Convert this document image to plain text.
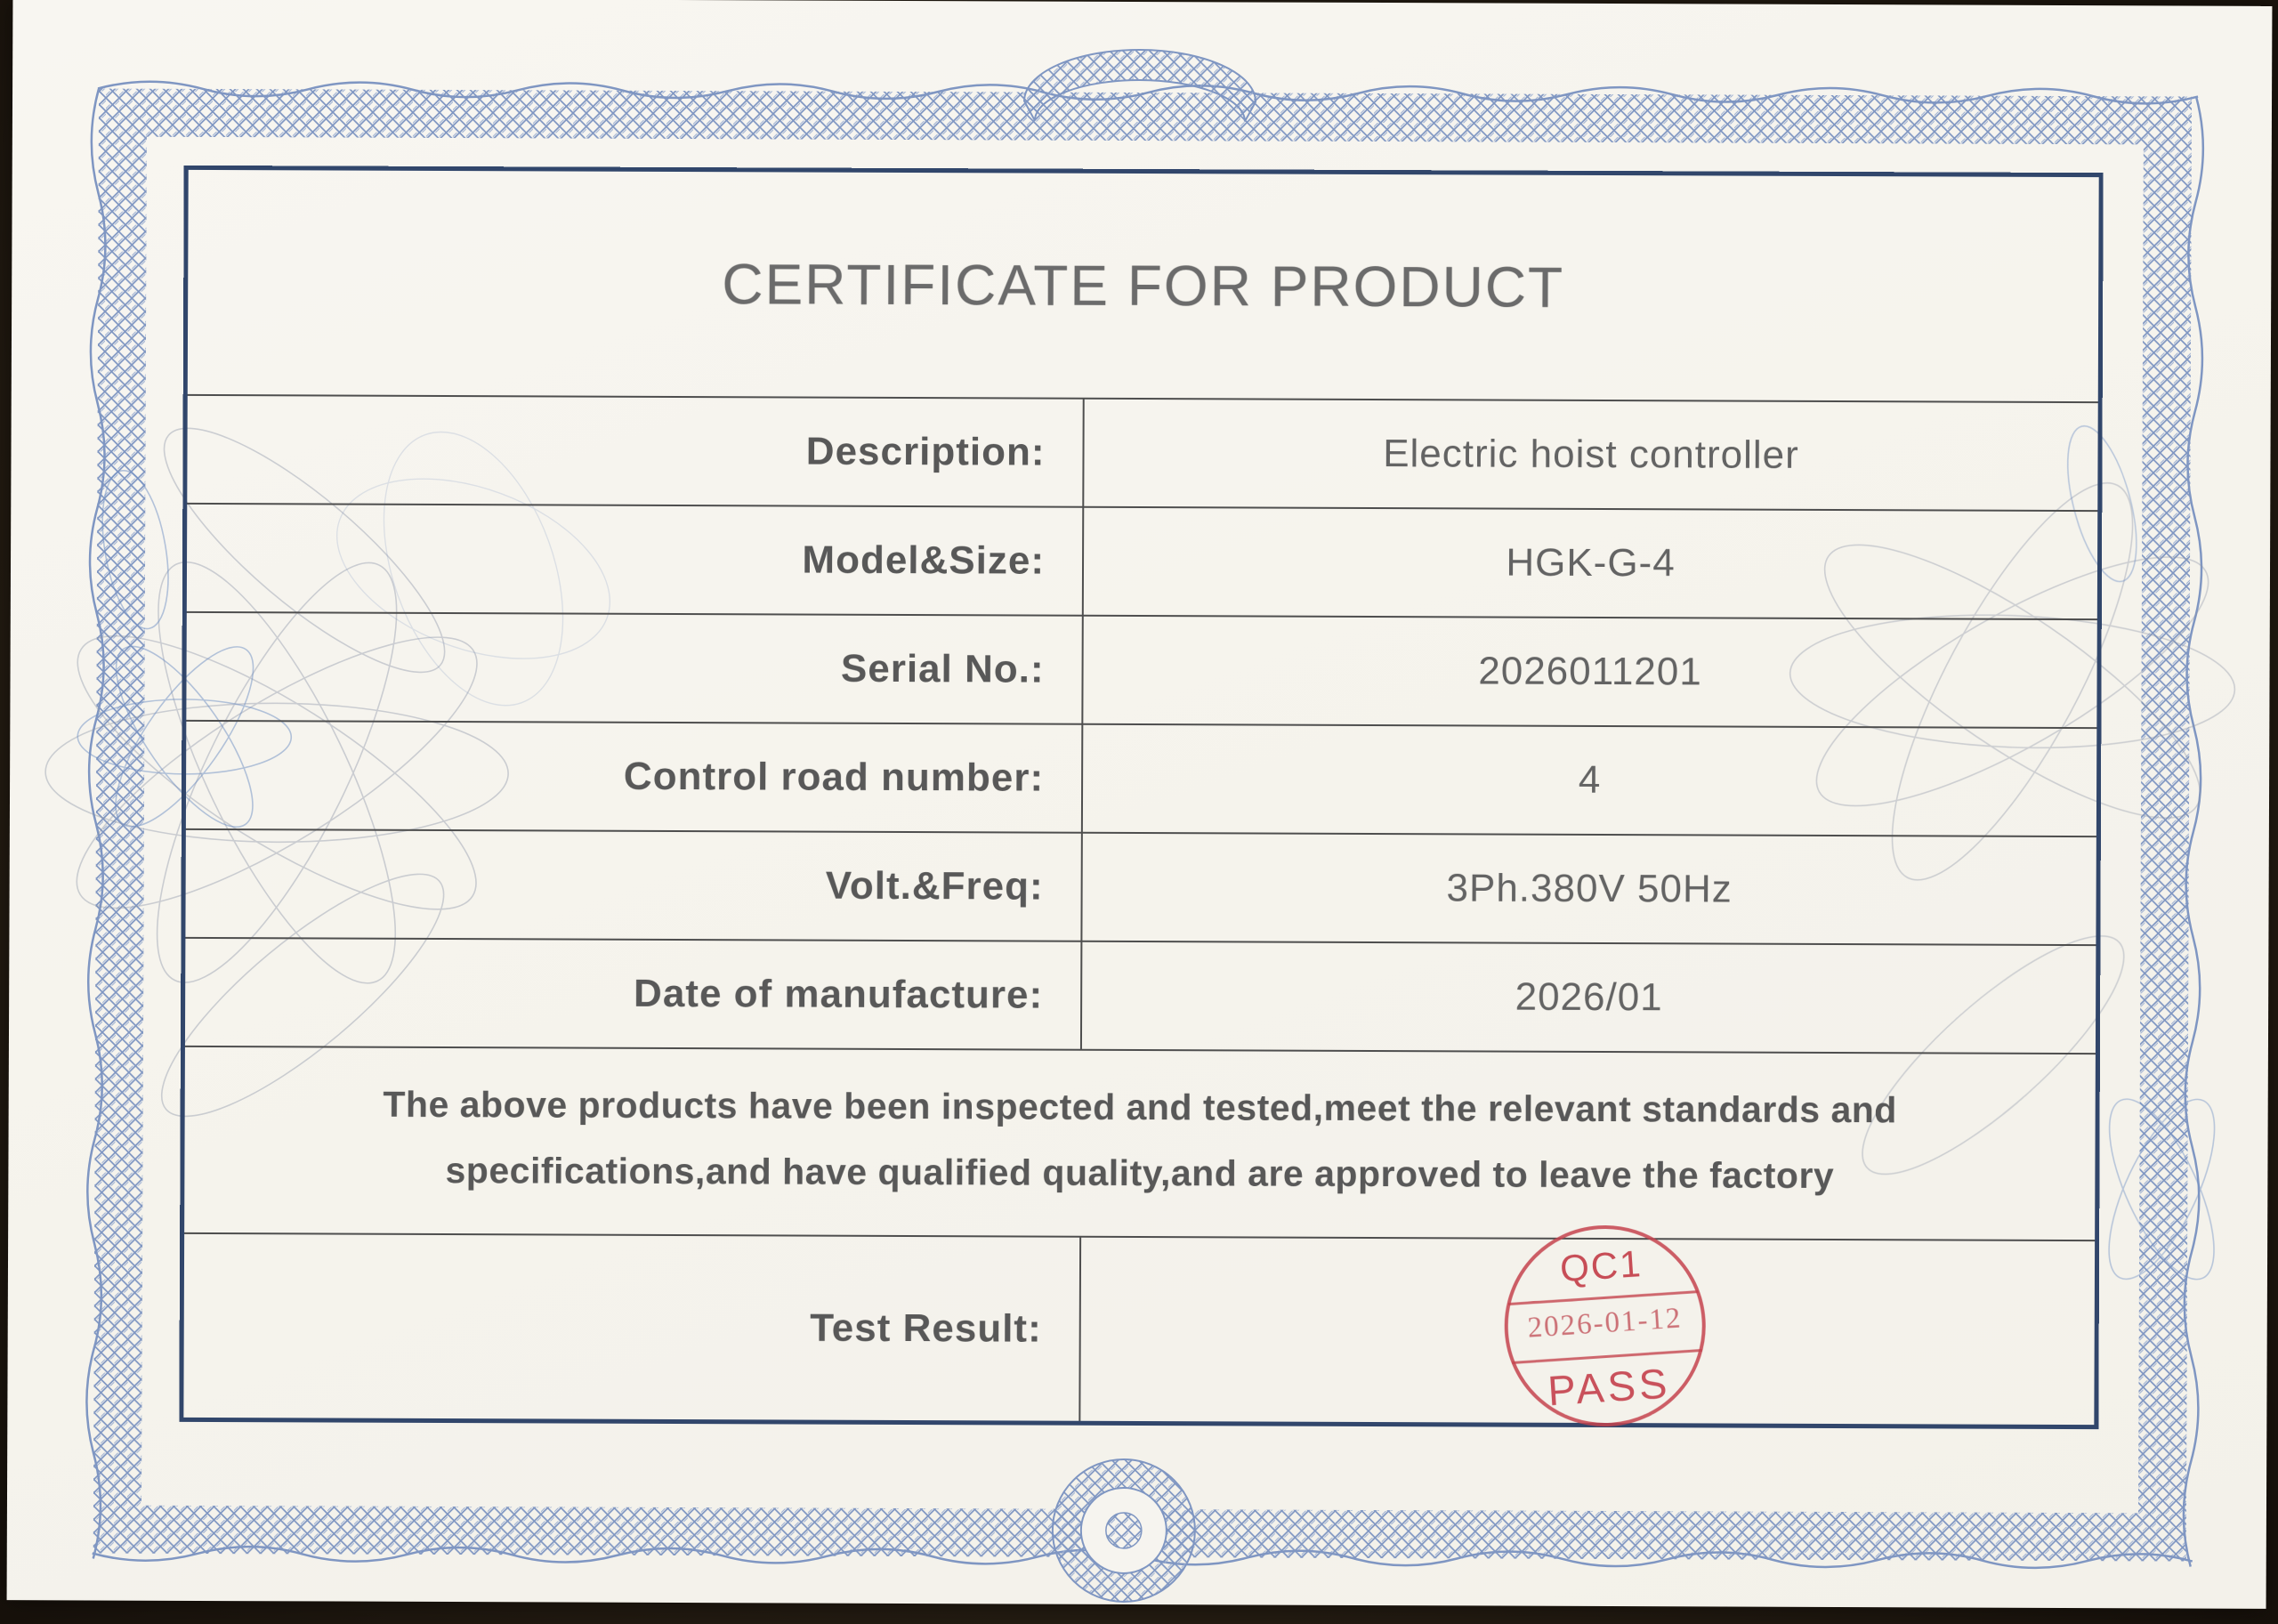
CERTIFICATE FOR PRODUCT
Description:	Electric hoist controller
Model&Size:	HGK-G-4
Serial No.:	2026011201
Control road number:	4
Volt.&Freq:	3Ph.380V 50Hz
Date of manufacture:	2026/01
The above products have been inspected and tested,meet the relevant standards and
specifications,and have qualified quality,and are approved to leave the factory
Test Result:
QC1
2026-01-12
PASS
